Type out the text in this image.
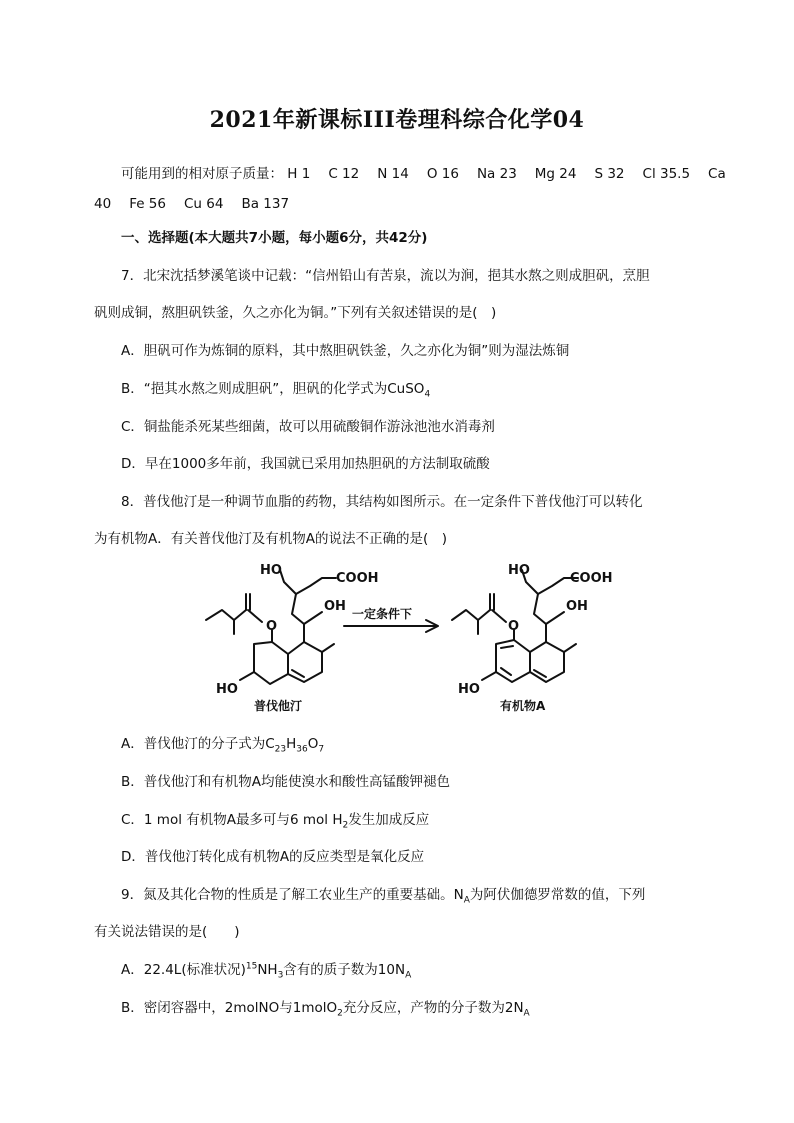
2021年新课标III卷理科综合化学04
可能用到的相对原子质量： H 1 C 12 N 14 O 16 Na 23 Mg 24 S 32 Cl 35.5 Ca
40 Fe 56 Cu 64 Ba 137
一、选择题(本大题共7小题，每小题6分，共42分)
7．北宋沈括梦溪笔谈中记载：“信州铅山有苦泉，流以为涧，挹其水熬之则成胆矾，烹胆
矾则成铜，熬胆矾铁釜，久之亦化为铜。”下列有关叙述错误的是(　)
A．胆矾可作为炼铜的原料，其中熬胆矾铁釜，久之亦化为铜”则为湿法炼铜
B．“挹其水熬之则成胆矾”，胆矾的化学式为CuSO$_4$
C．铜盐能杀死某些细菌，故可以用硫酸铜作游泳池池水消毒剂
D．早在1000多年前，我国就已采用加热胆矾的方法制取硫酸
8．普伐他汀是一种调节血脂的药物，其结构如图所示。在一定条件下普伐他汀可以转化
为有机物A．有关普伐他汀及有机物A的说法不正确的是(　)
HO
COOH
OH
O
HO
普伐他汀
一定条件下
HO
COOH
OH
O
HO
有机物A
A．普伐他汀的分子式为$C_{23}H_{36}O_7$
B．普伐他汀和有机物A均能使溴水和酸性高锰酸钾褪色
C．1 mol 有机物A最多可与6 mol $H_2$发生加成反应
D．普伐他汀转化成有机物A的反应类型是氧化反应
9．氮及其化合物的性质是了解工农业生产的重要基础。$N_A$为阿伏伽德罗常数的值，下列
有关说法错误的是(　　)
A．22.4L(标准状况)$^{15}NH_3$含有的质子数为$10N_A$
B．密闭容器中，2molNO与1molO$_2$充分反应，产物的分子数为$2N_A$
